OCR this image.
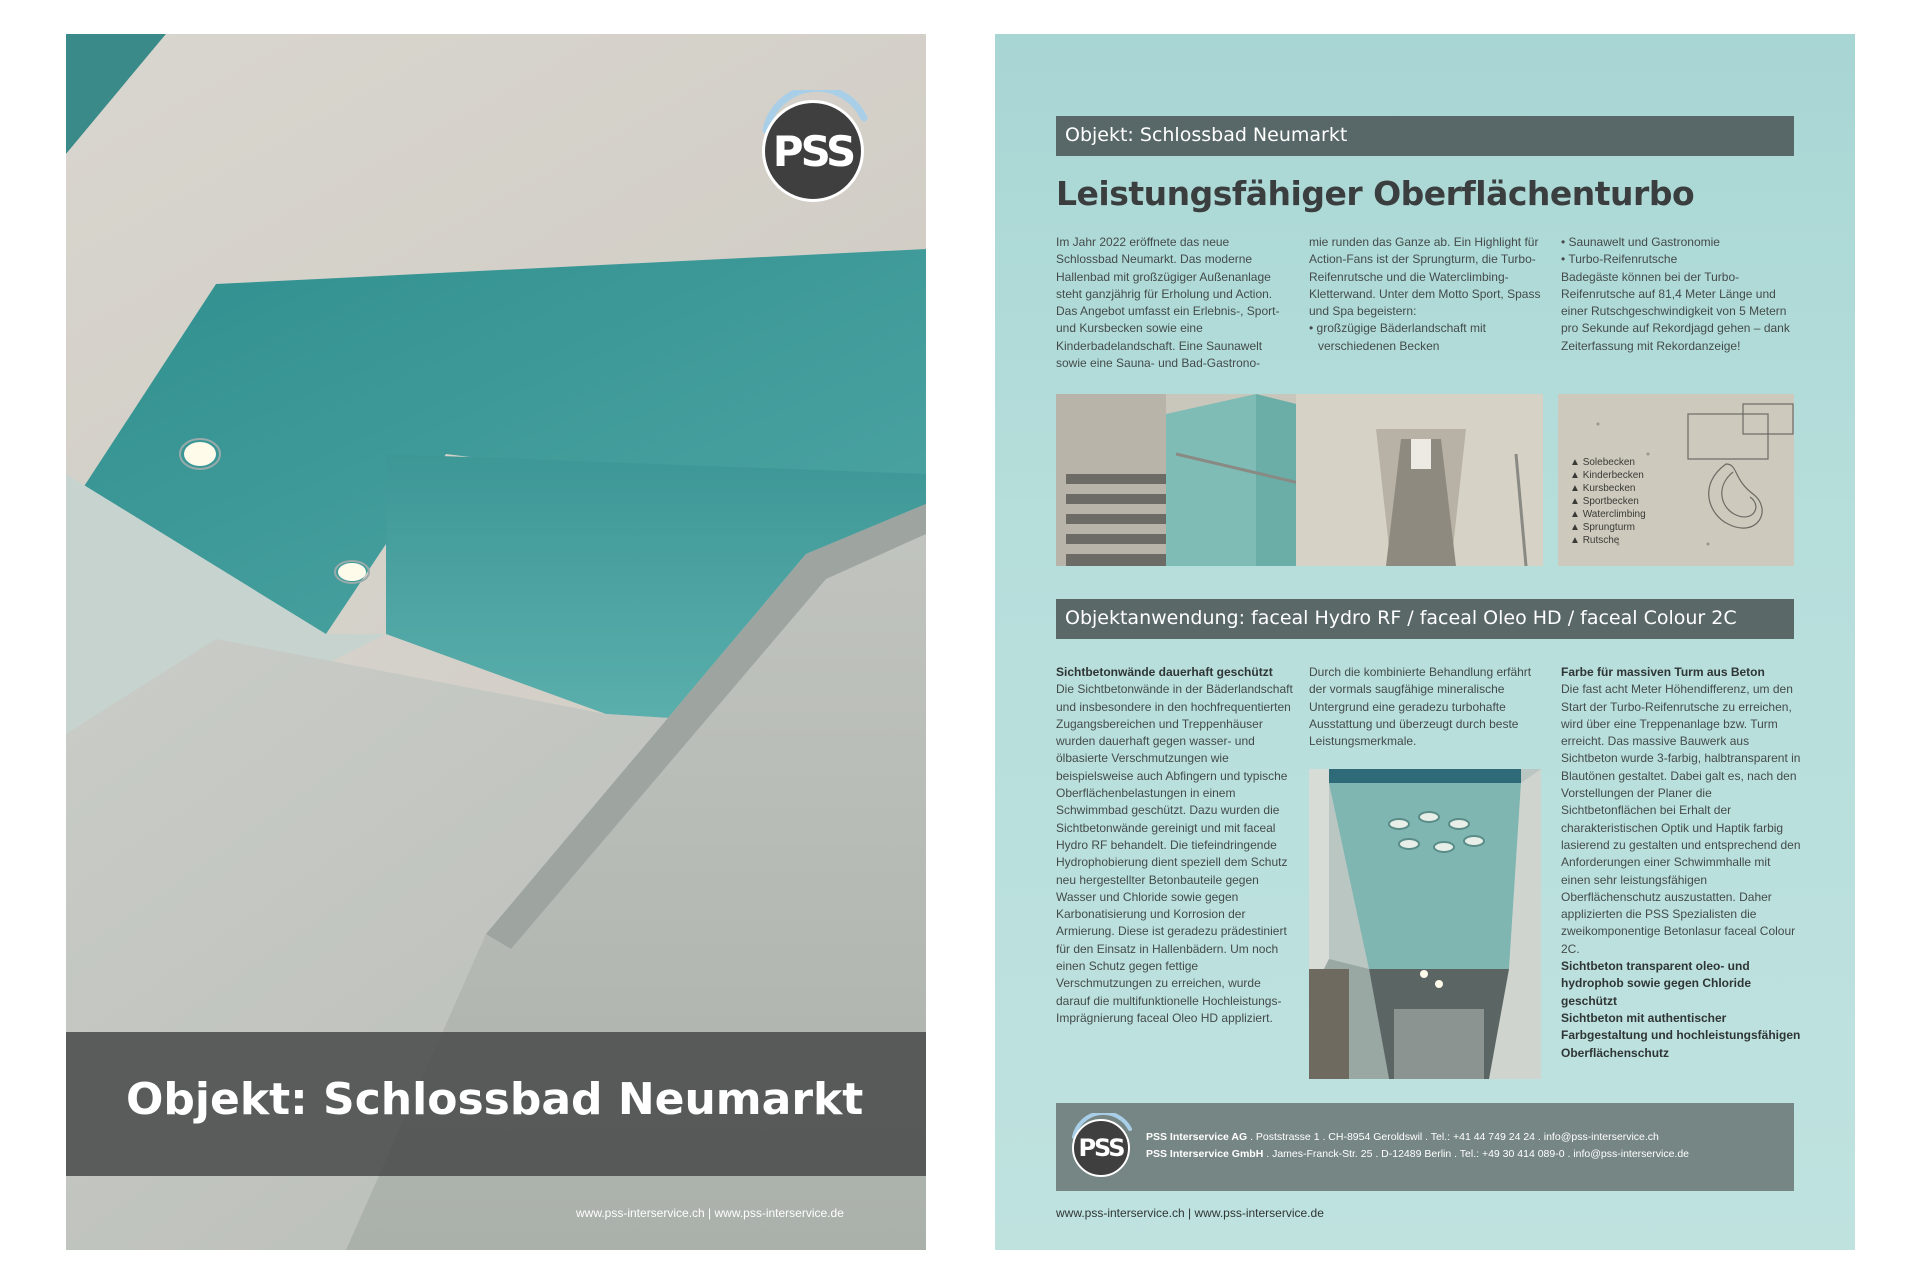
PSS
Objekt: Schlossbad Neumarkt
www.pss-interservice.ch | www.pss-interservice.de
Objekt: Schlossbad Neumarkt
Leistungsfähiger Oberflächenturbo

Im Jahr 2022 eröffnete das neue Schlossbad Neumarkt. Das moderne Hallenbad mit großzügiger Außenanlage steht ganzjährig für Erholung und Action. Das Angebot umfasst ein Erlebnis-, Sport- und Kursbecken sowie eine Kinderbadelandschaft. Eine Saunawelt sowie eine Sauna- und Bad-Gastrono-

mie runden das Ganze ab. Ein Highlight für Action-Fans ist der Sprungturm, die Turbo-Reifenrutsche und die Waterclimbing-Kletterwand. Unter dem Motto Sport, Spass und Spa begeistern:

• großzügige Bäderlandschaft mit verschiedenen Becken

• Saunawelt und Gastronomie

• Turbo-Reifenrutsche

Badegäste können bei der Turbo-Reifenrutsche auf 81,4 Meter Länge und einer Rutschgeschwindigkeit von 5 Metern pro Sekunde auf Rekordjagd gehen – dank Zeiterfassung mit Rekordanzeige!

▲ Solebecken
▲ Kinderbecken
▲ Kursbecken
▲ Sportbecken
▲ Waterclimbing
▲ Sprungturm
▲ Rutsche
Objektanwendung: faceal Hydro RF / faceal Oleo HD / faceal Colour 2C

Sichtbetonwände dauerhaft geschützt

Die Sichtbetonwände in der Bäderlandschaft und insbesondere in den hochfrequentierten Zugangsbereichen und Treppenhäuser wurden dauerhaft gegen wasser- und ölbasierte Verschmutzungen wie beispielsweise auch Abfingern und typische Oberflächenbelastungen in einem Schwimmbad geschützt. Dazu wurden die Sichtbetonwände gereinigt und mit faceal Hydro RF behandelt. Die tiefeindringende Hydrophobierung dient speziell dem Schutz neu hergestellter Betonbauteile gegen Wasser und Chloride sowie gegen Karbonatisierung und Korrosion der Armierung. Diese ist geradezu prädestiniert für den Einsatz in Hallenbädern. Um noch einen Schutz gegen fettige Verschmutzungen zu erreichen, wurde darauf die multifunktionelle Hochleistungs-Imprägnierung faceal Oleo HD appliziert.

Durch die kombinierte Behandlung erfährt der vormals saugfähige mineralische Untergrund eine geradezu turbohafte Ausstattung und überzeugt durch beste Leistungsmerkmale.

Farbe für massiven Turm aus Beton

Die fast acht Meter Höhendifferenz, um den Start der Turbo-Reifenrutsche zu erreichen, wird über eine Treppenanlage bzw. Turm erreicht. Das massive Bauwerk aus Sichtbeton wurde 3-farbig, halbtransparent in Blautönen gestaltet. Dabei galt es, nach den Vorstellungen der Planer die Sichtbetonflächen bei Erhalt der charakteristischen Optik und Haptik farbig lasierend zu gestalten und entsprechend den Anforderungen einer Schwimmhalle mit einen sehr leistungsfähigen Oberflächenschutz auszustatten. Daher applizierten die PSS Spezialisten die zweikomponentige Betonlasur faceal Colour 2C.

Sichtbeton transparent oleo- und hydrophob sowie gegen Chloride geschützt

Sichtbeton mit authentischer Farbgestaltung und hochleistungsfähigen Oberflächenschutz

PSS PSS Interservice AG . Poststrasse 1 . CH-8954 Geroldswil . Tel.: +41 44 749 24 24 . info@pss-interservice.ch
PSS Interservice GmbH . James-Franck-Str. 25 . D-12489 Berlin . Tel.: +49 30 414 089-0 . info@pss-interservice.de
www.pss-interservice.ch | www.pss-interservice.de
